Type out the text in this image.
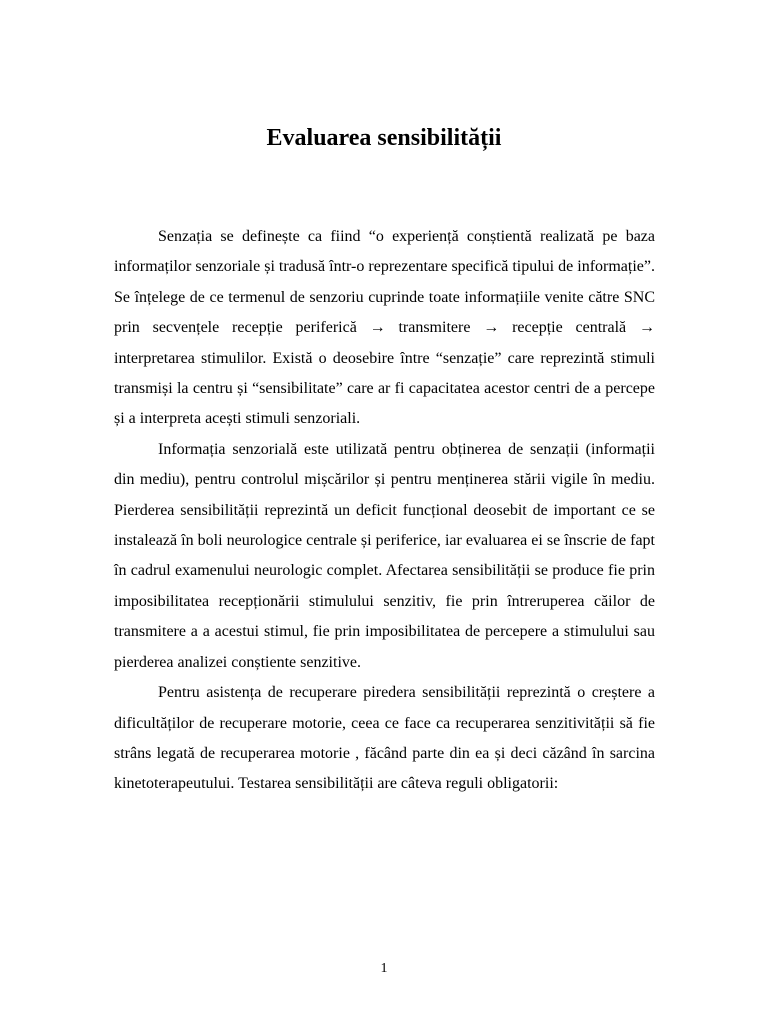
Evaluarea sensibilității

Senzația se definește ca fiind “o experiență conștientă realizată pe baza informaților senzoriale și tradusă într-o reprezentare specifică tipului de informație”. Se înțelege de ce termenul de senzoriu cuprinde toate informațiile venite către SNC prin secvențele recepție periferică → transmitere → recepție centrală → interpretarea stimulilor. Există o deosebire între “senzație” care reprezintă stimuli transmiși la centru și “sensibilitate” care ar fi capacitatea acestor centri de a percepe și a interpreta acești stimuli senzoriali.

Informația senzorială este utilizată pentru obținerea de senzații (informații din mediu), pentru controlul mișcărilor și pentru menținerea stării vigile în mediu. Pierderea sensibilității reprezintă un deficit funcțional deosebit de important ce se instalează în boli neurologice centrale și periferice, iar evaluarea ei se înscrie de fapt în cadrul examenului neurologic complet. Afectarea sensibilității se produce fie prin imposibilitatea recepționării stimulului senzitiv, fie prin întreruperea căilor de transmitere a a acestui stimul, fie prin imposibilitatea de percepere a stimulului sau pierderea analizei conștiente senzitive.

Pentru asistența de recuperare piredera sensibilității reprezintă o creștere a dificultăților de recuperare motorie, ceea ce face ca recuperarea senzitivității să fie strâns legată de recuperarea motorie , făcând parte din ea și deci căzând în sarcina kinetoterapeutului. Testarea sensibilității are câteva reguli obligatorii:

1
